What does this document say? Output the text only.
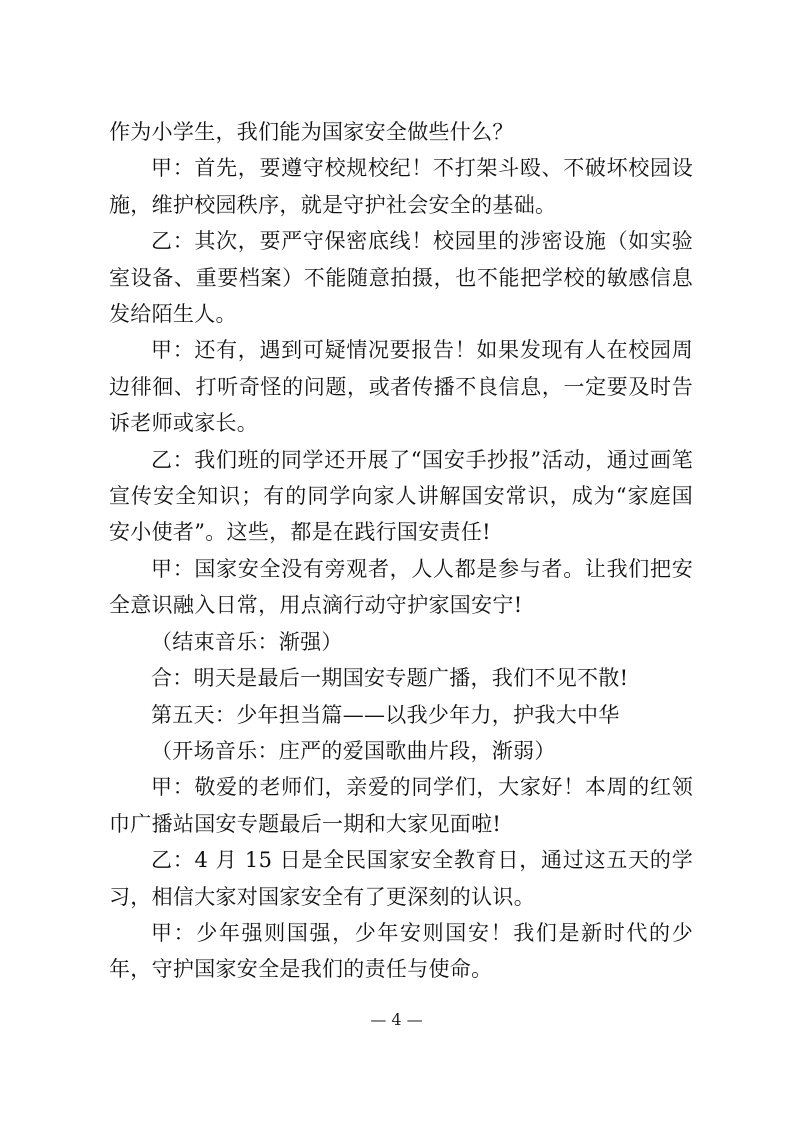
作为小学生，我们能为国家安全做些什么？

甲：首先，要遵守校规校纪！不打架斗殴、不破坏校园设施，维护校园秩序，就是守护社会安全的基础。

乙：其次，要严守保密底线！校园里的涉密设施（如实验室设备、重要档案）不能随意拍摄，也不能把学校的敏感信息发给陌生人。

甲：还有，遇到可疑情况要报告！如果发现有人在校园周边徘徊、打听奇怪的问题，或者传播不良信息，一定要及时告诉老师或家长。

乙：我们班的同学还开展了“国安手抄报”活动，通过画笔宣传安全知识；有的同学向家人讲解国安常识，成为“家庭国安小使者”。这些，都是在践行国安责任!

甲：国家安全没有旁观者，人人都是参与者。让我们把安全意识融入日常，用点滴行动守护家国安宁!

（结束音乐：渐强）

合：明天是最后一期国安专题广播，我们不见不散!

第五天：少年担当篇——以我少年力，护我大中华

（开场音乐：庄严的爱国歌曲片段，渐弱）

甲：敬爱的老师们，亲爱的同学们，大家好！本周的红领巾广播站国安专题最后一期和大家见面啦!

乙：4 月 15 日是全民国家安全教育日，通过这五天的学习，相信大家对国家安全有了更深刻的认识。

甲：少年强则国强，少年安则国安！我们是新时代的少年，守护国家安全是我们的责任与使命。

— 4 —
